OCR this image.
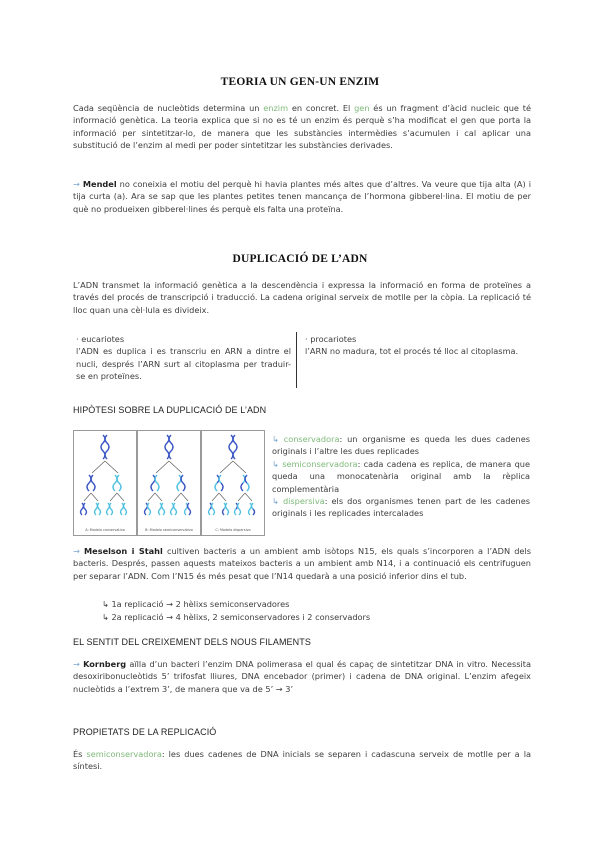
TEORIA UN GEN-UN ENZIM
Cada seqüència de nucleòtids determina un enzim en concret. El gen és un fragment d’àcid nucleic que té informació genètica. La teoria explica que si no es té un enzim és perquè s’ha modificat el gen que porta la informació per sintetitzar-lo, de manera que les substàncies intermèdies s’acumulen i cal aplicar una substitució de l’enzim al medi per poder sintetitzar les substàncies derivades.
→ Mendel no coneixia el motiu del perquè hi havia plantes més altes que d’altres. Va veure que tija alta (A) i tija curta (a). Ara se sap que les plantes petites tenen mancança de l’hormona gibberel·lina. El motiu de per què no produeixen gibberel·lines és perquè els falta una proteïna.
DUPLICACIÓ DE L’ADN
L’ADN transmet la informació genètica a la descendència i expressa la informació en forma de proteïnes a través del procés de transcripció i traducció. La cadena original serveix de motlle per la còpia. La replicació té lloc quan una cèl·lula es divideix.
· eucariotes
l’ADN es duplica i es transcriu en ARN a dintre el nucli, després l’ARN surt al citoplasma per traduir-se en proteïnes.
· procariotes
l’ARN no madura, tot el procés té lloc al citoplasma.
HIPÒTESI SOBRE LA DUPLICACIÓ DE L’ADN
A: Modelo conservativo	B: Modelo semiconservativo	C: Modelo dispersivo
↳ conservadora: un organisme es queda les dues cadenes originals i l’altre les dues replicades
↳ semiconservadora: cada cadena es replica, de manera que queda una monocatenària original amb la rèplica complementària
↳ dispersiva: els dos organismes tenen part de les cadenes originals i les replicades intercalades
→ Meselson i Stahl cultiven bacteris a un ambient amb isòtops N15, els quals s’incorporen a l’ADN dels bacteris. Després, passen aquests mateixos bacteris a un ambient amb N14, i a continuació els centrifuguen per separar l’ADN. Com l’N15 és més pesat que l’N14 quedarà a una posició inferior dins el tub.
↳ 1a replicació → 2 hèlixs semiconservadores
↳ 2a replicació → 4 hèlixs, 2 semiconservadores i 2 conservadors
EL SENTIT DEL CREIXEMENT DELS NOUS FILAMENTS
→ Kornberg aïlla d’un bacteri l’enzim DNA polimerasa el qual és capaç de sintetitzar DNA in vitro. Necessita desoxiribonucleòtids 5’ trifosfat lliures, DNA encebador (primer) i cadena de DNA original. L’enzim afegeix nucleòtids a l’extrem 3’, de manera que va de 5’ → 3’
PROPIETATS DE LA REPLICACIÓ
És semiconservadora: les dues cadenes de DNA inicials se separen i cadascuna serveix de motlle per a la síntesi.
